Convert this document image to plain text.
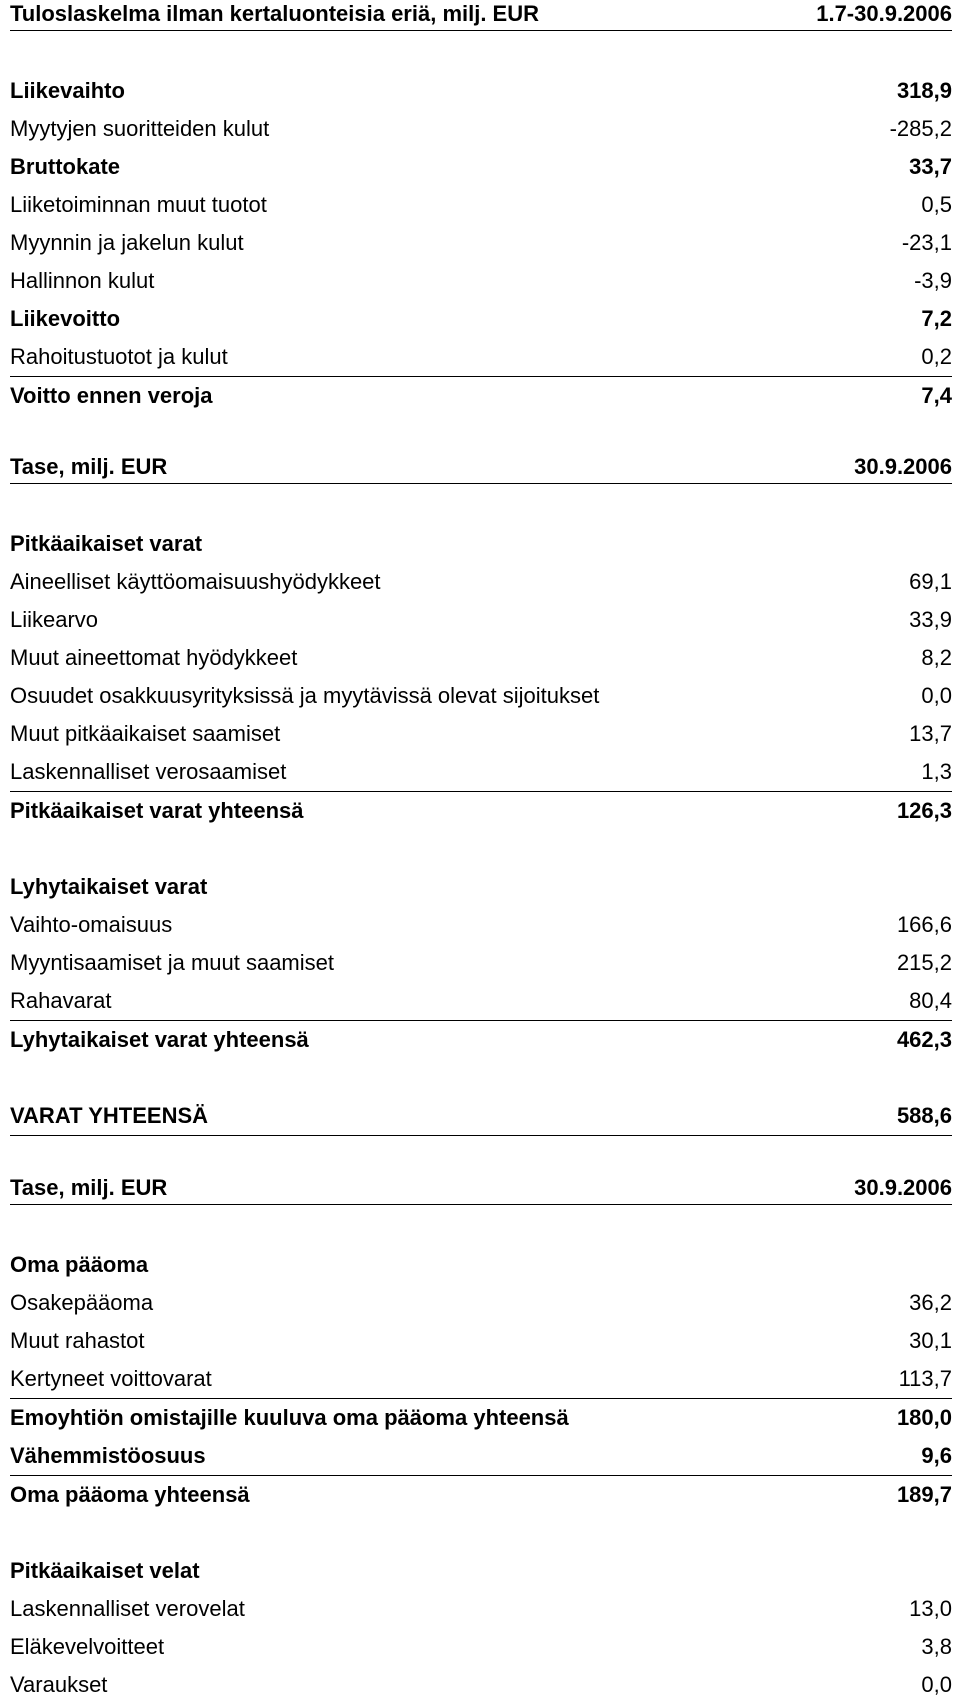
Tuloslaskelma ilman kertaluonteisia eriä, milj. EUR	1.7-30.9.2006
Liikevaihto	318,9
Myytyjen suoritteiden kulut	-285,2
Bruttokate	33,7
Liiketoiminnan muut tuotot	0,5
Myynnin ja jakelun kulut	-23,1
Hallinnon kulut	-3,9
Liikevoitto	7,2
Rahoitustuotot ja kulut	0,2
Voitto ennen veroja	7,4
Tase, milj. EUR	30.9.2006
Pitkäaikaiset varat
Aineelliset käyttöomaisuushyödykkeet	69,1
Liikearvo	33,9
Muut aineettomat hyödykkeet	8,2
Osuudet osakkuusyrityksissä ja myytävissä olevat sijoitukset	0,0
Muut pitkäaikaiset saamiset	13,7
Laskennalliset verosaamiset	1,3
Pitkäaikaiset varat yhteensä	126,3
Lyhytaikaiset varat
Vaihto-omaisuus	166,6
Myyntisaamiset ja muut saamiset	215,2
Rahavarat	80,4
Lyhytaikaiset varat yhteensä	462,3
VARAT YHTEENSÄ	588,6
Tase, milj. EUR	30.9.2006
Oma pääoma
Osakepääoma	36,2
Muut rahastot	30,1
Kertyneet voittovarat	113,7
Emoyhtiön omistajille kuuluva oma pääoma yhteensä	180,0
Vähemmistöosuus	9,6
Oma pääoma yhteensä	189,7
Pitkäaikaiset velat
Laskennalliset verovelat	13,0
Eläkevelvoitteet	3,8
Varaukset	0,0
